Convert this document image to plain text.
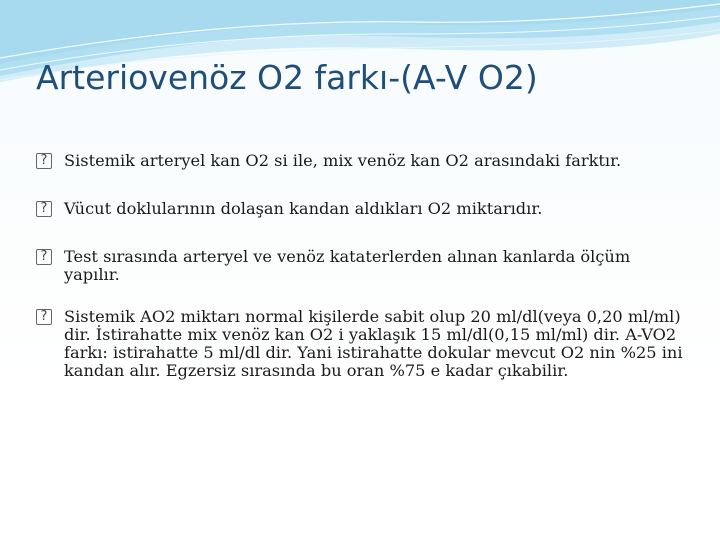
Arteriovenöz O2 farkı-(A-V O2)
? Sistemik arteryel kan O2 si ile, mix venöz kan O2 arasındaki farktır.
? Vücut doklularının dolaşan kandan aldıkları O2 miktarıdır.
? Test sırasında arteryel ve venöz kataterlerden alınan kanlarda ölçüm yapılır.
? Sistemik AO2 miktarı normal kişilerde sabit olup 20 ml/dl(veya 0,20 ml/ml) dir. İstirahatte mix venöz kan O2 i yaklaşık 15 ml/dl(0,15 ml/ml) dir. A-VO2 farkı: istirahatte 5 ml/dl dir. Yani istirahatte dokular mevcut O2 nin %25 ini kandan alır. Egzersiz sırasında bu oran %75 e kadar çıkabilir.
